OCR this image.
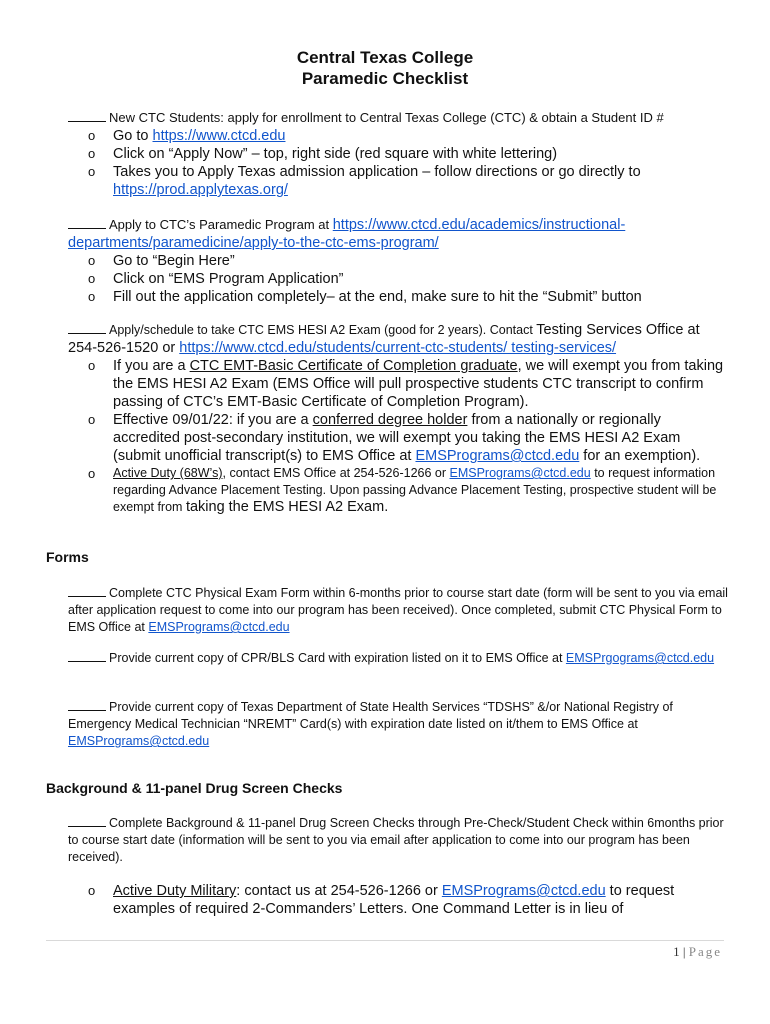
Central Texas College
Paramedic Checklist
New CTC Students: apply for enrollment to Central Texas College (CTC) & obtain a Student ID #
o Go to https://www.ctcd.edu
o Click on “Apply Now” – top, right side (red square with white lettering)
o Takes you to Apply Texas admission application – follow directions or go directly to https://prod.applytexas.org/
Apply to CTC’s Paramedic Program at https://www.ctcd.edu/academics/instructional-departments/paramedicine/apply-to-the-ctc-ems-program/
o Go to “Begin Here”
o Click on “EMS Program Application”
o Fill out the application completely– at the end, make sure to hit the “Submit” button
Apply/schedule to take CTC EMS HESI A2 Exam (good for 2 years). Contact Testing Services Office at 254-526-1520 or https://www.ctcd.edu/students/current-ctc-students/ testing-services/
o If you are a CTC EMT-Basic Certificate of Completion graduate, we will exempt you from taking the EMS HESI A2 Exam (EMS Office will pull prospective students CTC transcript to confirm passing of CTC’s EMT-Basic Certificate of Completion Program).
o Effective 09/01/22: if you are a conferred degree holder from a nationally or regionally accredited post-secondary institution, we will exempt you taking the EMS HESI A2 Exam (submit unofficial transcript(s) to EMS Office at EMSPrograms@ctcd.edu for an exemption).
o Active Duty (68W’s), contact EMS Office at 254-526-1266 or EMSPrograms@ctcd.edu to request information regarding Advance Placement Testing. Upon passing Advance Placement Testing, prospective student will be exempt from taking the EMS HESI A2 Exam.
Forms
Complete CTC Physical Exam Form within 6-months prior to course start date (form will be sent to you via email after application request to come into our program has been received). Once completed, submit CTC Physical Form to EMS Office at EMSPrograms@ctcd.edu
Provide current copy of CPR/BLS Card with expiration listed on it to EMS Office at EMSPrgograms@ctcd.edu
Provide current copy of Texas Department of State Health Services “TDSHS” &/or National Registry of Emergency Medical Technician “NREMT” Card(s) with expiration date listed on it/them to EMS Office at EMSPrograms@ctcd.edu
Background & 11-panel Drug Screen Checks
Complete Background & 11-panel Drug Screen Checks through Pre-Check/Student Check within 6months prior to course start date (information will be sent to you via email after application to come into our program has been received).
o Active Duty Military: contact us at 254-526-1266 or EMSPrograms@ctcd.edu to request examples of required 2-Commanders’ Letters. One Command Letter is in lieu of
1 | Page
